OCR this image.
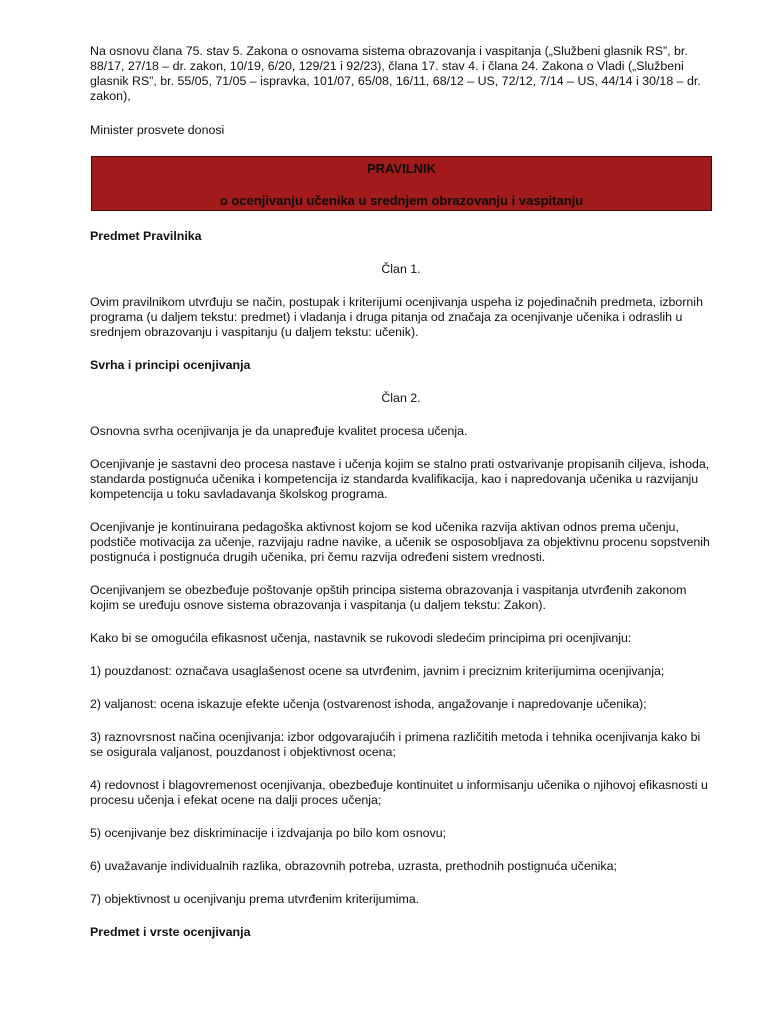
Na osnovu člana 75. stav 5. Zakona o osnovama sistema obrazovanja i vaspitanja („Službeni glasnik RS”, br. 88/17, 27/18 – dr. zakon, 10/19, 6/20, 129/21 i 92/23), člana 17. stav 4. i člana 24. Zakona o Vladi („Službeni glasnik RS”, br. 55/05, 71/05 – ispravka, 101/07, 65/08, 16/11, 68/12 – US, 72/12, 7/14 – US, 44/14 i 30/18 – dr. zakon),

Minister prosvete donosi

PRAVILNIK
o ocenjivanju učenika u srednjem obrazovanju i vaspitanju

Predmet Pravilnika

Član 1.

Ovim pravilnikom utvrđuju se način, postupak i kriterijumi ocenjivanja uspeha iz pojedinačnih predmeta, izbornih programa (u daljem tekstu: predmet) i vladanja i druga pitanja od značaja za ocenjivanje učenika i odraslih u srednjem obrazovanju i vaspitanju (u daljem tekstu: učenik).

Svrha i principi ocenjivanja

Član 2.

Osnovna svrha ocenjivanja je da unapređuje kvalitet procesa učenja.

Ocenjivanje je sastavni deo procesa nastave i učenja kojim se stalno prati ostvarivanje propisanih ciljeva, ishoda, standarda postignuća učenika i kompetencija iz standarda kvalifikacija, kao i napredovanja učenika u razvijanju kompetencija u toku savladavanja školskog programa.

Ocenjivanje je kontinuirana pedagoška aktivnost kojom se kod učenika razvija aktivan odnos prema učenju, podstiče motivacija za učenje, razvijaju radne navike, a učenik se osposobljava za objektivnu procenu sopstvenih postignuća i postignuća drugih učenika, pri čemu razvija određeni sistem vrednosti.

Ocenjivanjem se obezbeđuje poštovanje opštih principa sistema obrazovanja i vaspitanja utvrđenih zakonom kojim se uređuju osnove sistema obrazovanja i vaspitanja (u daljem tekstu: Zakon).

Kako bi se omogućila efikasnost učenja, nastavnik se rukovodi sledećim principima pri ocenjivanju:

1) pouzdanost: označava usaglašenost ocene sa utvrđenim, javnim i preciznim kriterijumima ocenjivanja;

2) valjanost: ocena iskazuje efekte učenja (ostvarenost ishoda, angažovanje i napredovanje učenika);

3) raznovrsnost načina ocenjivanja: izbor odgovarajućih i primena različitih metoda i tehnika ocenjivanja kako bi se osigurala valjanost, pouzdanost i objektivnost ocena;

4) redovnost i blagovremenost ocenjivanja, obezbeđuje kontinuitet u informisanju učenika o njihovoj efikasnosti u procesu učenja i efekat ocene na dalji proces učenja;

5) ocenjivanje bez diskriminacije i izdvajanja po bilo kom osnovu;

6) uvažavanje individualnih razlika, obrazovnih potreba, uzrasta, prethodnih postignuća učenika;

7) objektivnost u ocenjivanju prema utvrđenim kriterijumima.

Predmet i vrste ocenjivanja
